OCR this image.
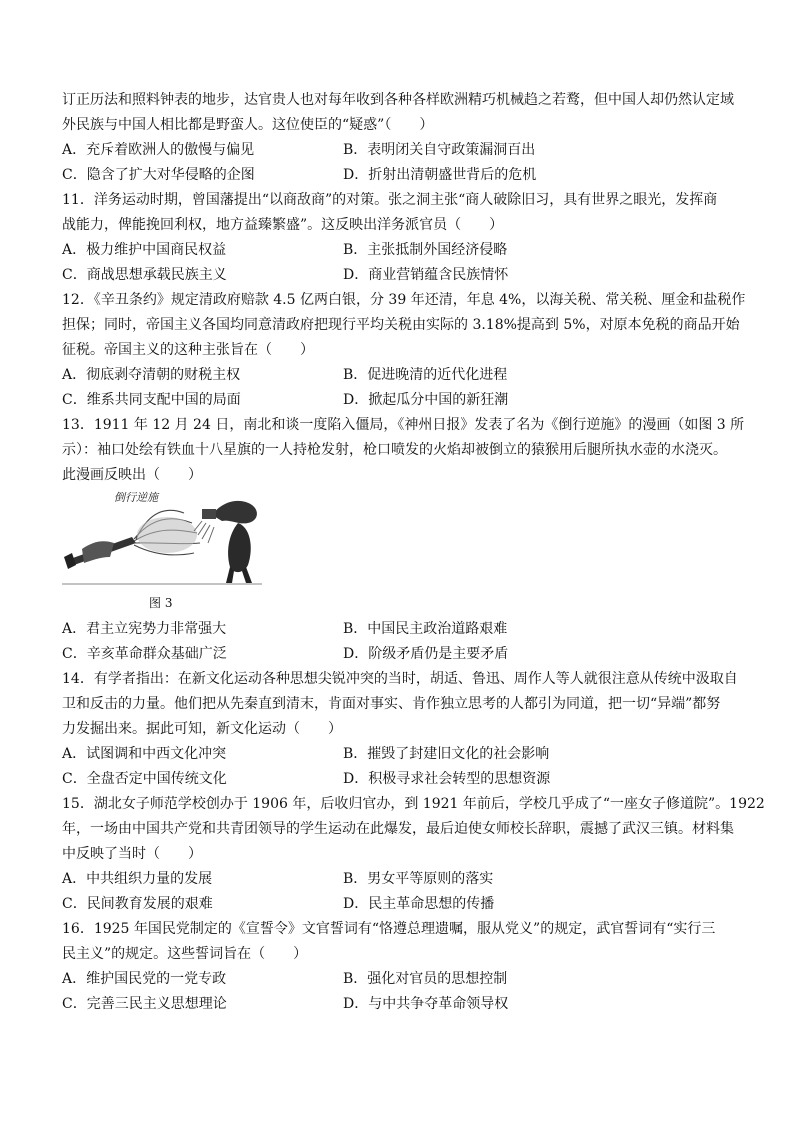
订正历法和照料钟表的地步，达官贵人也对每年收到各种各样欧洲精巧机械趋之若鹜，但中国人却仍然认定域
外民族与中国人相比都是野蛮人。这位使臣的“疑惑”（　　）
A．充斥着欧洲人的傲慢与偏见	B．表明闭关自守政策漏洞百出
C．隐含了扩大对华侵略的企图	D．折射出清朝盛世背后的危机
11．洋务运动时期，曾国藩提出“以商敌商”的对策。张之洞主张“商人破除旧习，具有世界之眼光，发挥商
战能力，俾能挽回利权，地方益臻繁盛”。这反映出洋务派官员（　　）
A．极力维护中国商民权益	B．主张抵制外国经济侵略
C．商战思想承载民族主义	D．商业营销蕴含民族情怀
12．《辛丑条约》规定清政府赔款 4.5 亿两白银，分 39 年还清，年息 4%，以海关税、常关税、厘金和盐税作
担保；同时，帝国主义各国均同意清政府把现行平均关税由实际的 3.18%提高到 5%，对原本免税的商品开始
征税。帝国主义的这种主张旨在（　　）
A．彻底剥夺清朝的财税主权	B．促进晚清的近代化进程
C．维系共同支配中国的局面	D．掀起瓜分中国的新狂潮
13．1911 年 12 月 24 日，南北和谈一度陷入僵局，《神州日报》发表了名为《倒行逆施》的漫画（如图 3 所
示）：袖口处绘有铁血十八星旗的一人持枪发射，枪口喷发的火焰却被倒立的猿猴用后腿所执水壶的水浇灭。
此漫画反映出（　　）
倒行逆施
图 3
A．君主立宪势力非常强大	B．中国民主政治道路艰难
C．辛亥革命群众基础广泛	D．阶级矛盾仍是主要矛盾
14．有学者指出：在新文化运动各种思想尖锐冲突的当时，胡适、鲁迅、周作人等人就很注意从传统中汲取自
卫和反击的力量。他们把从先秦直到清末，肯面对事实、肯作独立思考的人都引为同道，把一切“异端”都努
力发掘出来。据此可知，新文化运动（　　）
A．试图调和中西文化冲突	B．摧毁了封建旧文化的社会影响
C．全盘否定中国传统文化	D．积极寻求社会转型的思想资源
15．湖北女子师范学校创办于 1906 年，后收归官办，到 1921 年前后，学校几乎成了“一座女子修道院”。1922
年，一场由中国共产党和共青团领导的学生运动在此爆发，最后迫使女师校长辞职，震撼了武汉三镇。材料集
中反映了当时（　　）
A．中共组织力量的发展	B．男女平等原则的落实
C．民间教育发展的艰难	D．民主革命思想的传播
16．1925 年国民党制定的《宣誓令》文官誓词有“恪遵总理遗嘱，服从党义”的规定，武官誓词有“实行三
民主义”的规定。这些誓词旨在（　　）
A．维护国民党的一党专政	B．强化对官员的思想控制
C．完善三民主义思想理论	D．与中共争夺革命领导权
